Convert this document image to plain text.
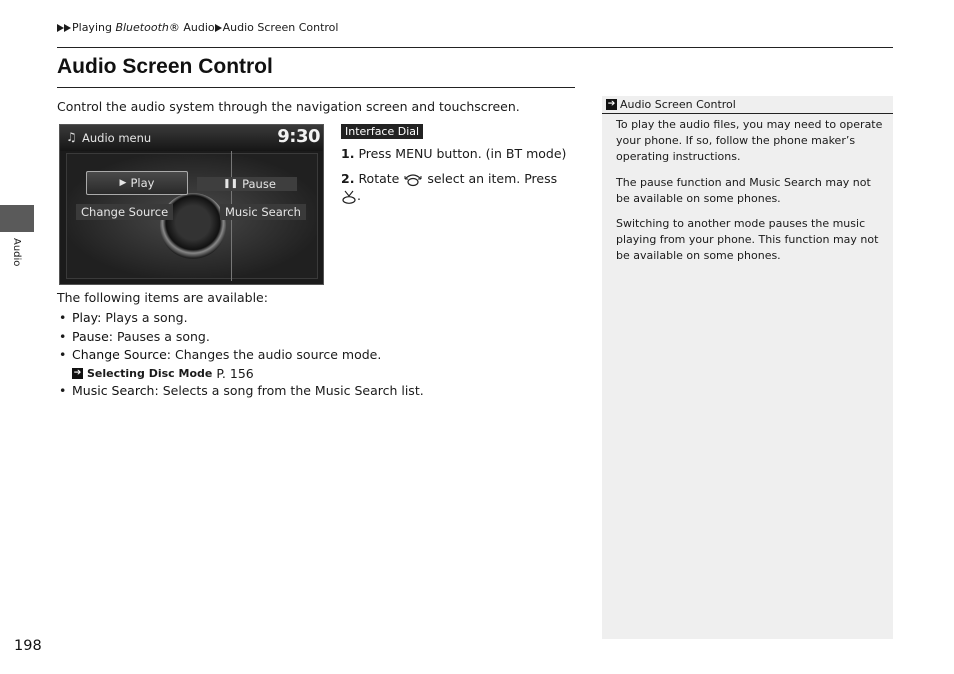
Playing Bluetooth® Audio Audio Screen Control
Audio Screen Control

Control the audio system through the navigation screen and touchscreen.

♫ Audio menu	9:30
▶ Play	❚❚ Pause
Change Source	Music Search
Interface Dial

1. Press MENU button. (in BT mode)

2. Rotate select an item. Press .

The following items are available:

• Play: Plays a song.
• Pause: Pauses a song.
• Change Source: Changes the audio source mode.
➔ Selecting Disc Mode P. 156
• Music Search: Selects a song from the Music Search list.
Audio
➔ Audio Screen Control

To play the audio files, you may need to operate your phone. If so, follow the phone maker’s operating instructions.

The pause function and Music Search may not be available on some phones.

Switching to another mode pauses the music playing from your phone. This function may not be available on some phones.

198
